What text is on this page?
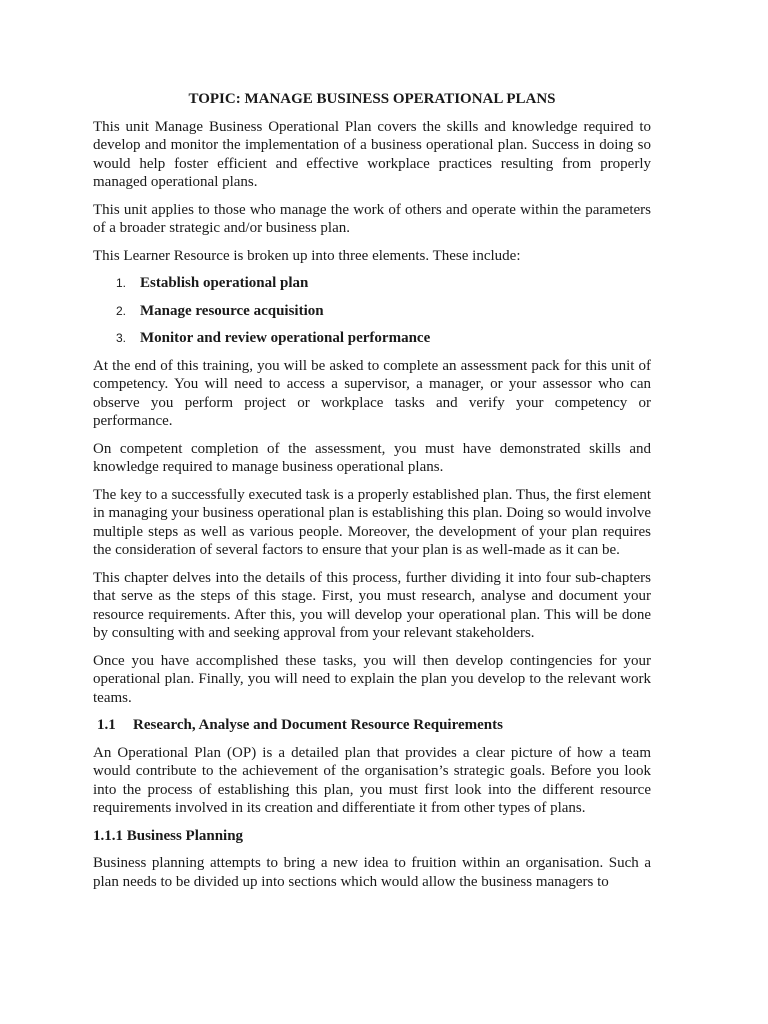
TOPIC: MANAGE BUSINESS OPERATIONAL PLANS

This unit Manage Business Operational Plan covers the skills and knowledge required to develop and monitor the implementation of a business operational plan. Success in doing so would help foster efficient and effective workplace practices resulting from properly managed operational plans.

This unit applies to those who manage the work of others and operate within the parameters of a broader strategic and/or business plan.

This Learner Resource is broken up into three elements. These include:

1. Establish operational plan
2. Manage resource acquisition
3. Monitor and review operational performance

At the end of this training, you will be asked to complete an assessment pack for this unit of competency. You will need to access a supervisor, a manager, or your assessor who can observe you perform project or workplace tasks and verify your competency or performance.

On competent completion of the assessment, you must have demonstrated skills and knowledge required to manage business operational plans.

The key to a successfully executed task is a properly established plan. Thus, the first element in managing your business operational plan is establishing this plan. Doing so would involve multiple steps as well as various people. Moreover, the development of your plan requires the consideration of several factors to ensure that your plan is as well-made as it can be.

This chapter delves into the details of this process, further dividing it into four sub-chapters that serve as the steps of this stage. First, you must research, analyse and document your resource requirements. After this, you will develop your operational plan. This will be done by consulting with and seeking approval from your relevant stakeholders.

Once you have accomplished these tasks, you will then develop contingencies for your operational plan. Finally, you will need to explain the plan you develop to the relevant work teams.

1.1 Research, Analyse and Document Resource Requirements

An Operational Plan (OP) is a detailed plan that provides a clear picture of how a team would contribute to the achievement of the organisation’s strategic goals. Before you look into the process of establishing this plan, you must first look into the different resource requirements involved in its creation and differentiate it from other types of plans.

1.1.1 Business Planning

Business planning attempts to bring a new idea to fruition within an organisation. Such a plan needs to be divided up into sections which would allow the business managers to
